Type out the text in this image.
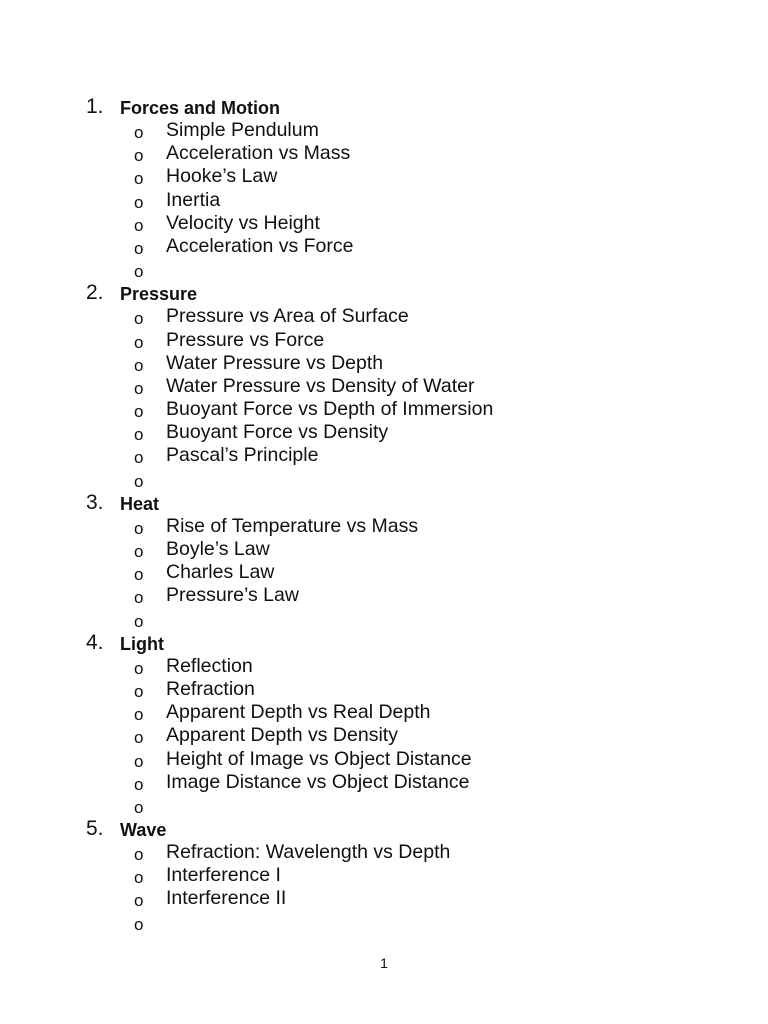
1. Forces and Motion
o Simple Pendulum
o Acceleration vs Mass
o Hooke’s Law
o Inertia
o Velocity vs Height
o Acceleration vs Force
o
2. Pressure
o Pressure vs Area of Surface
o Pressure vs Force
o Water Pressure vs Depth
o Water Pressure vs Density of Water
o Buoyant Force vs Depth of Immersion
o Buoyant Force vs Density
o Pascal’s Principle
o
3. Heat
o Rise of Temperature vs Mass
o Boyle’s Law
o Charles Law
o Pressure’s Law
o
4. Light
o Reflection
o Refraction
o Apparent Depth vs Real Depth
o Apparent Depth vs Density
o Height of Image vs Object Distance
o Image Distance vs Object Distance
o
5. Wave
o Refraction: Wavelength vs Depth
o Interference I
o Interference II
o
1
